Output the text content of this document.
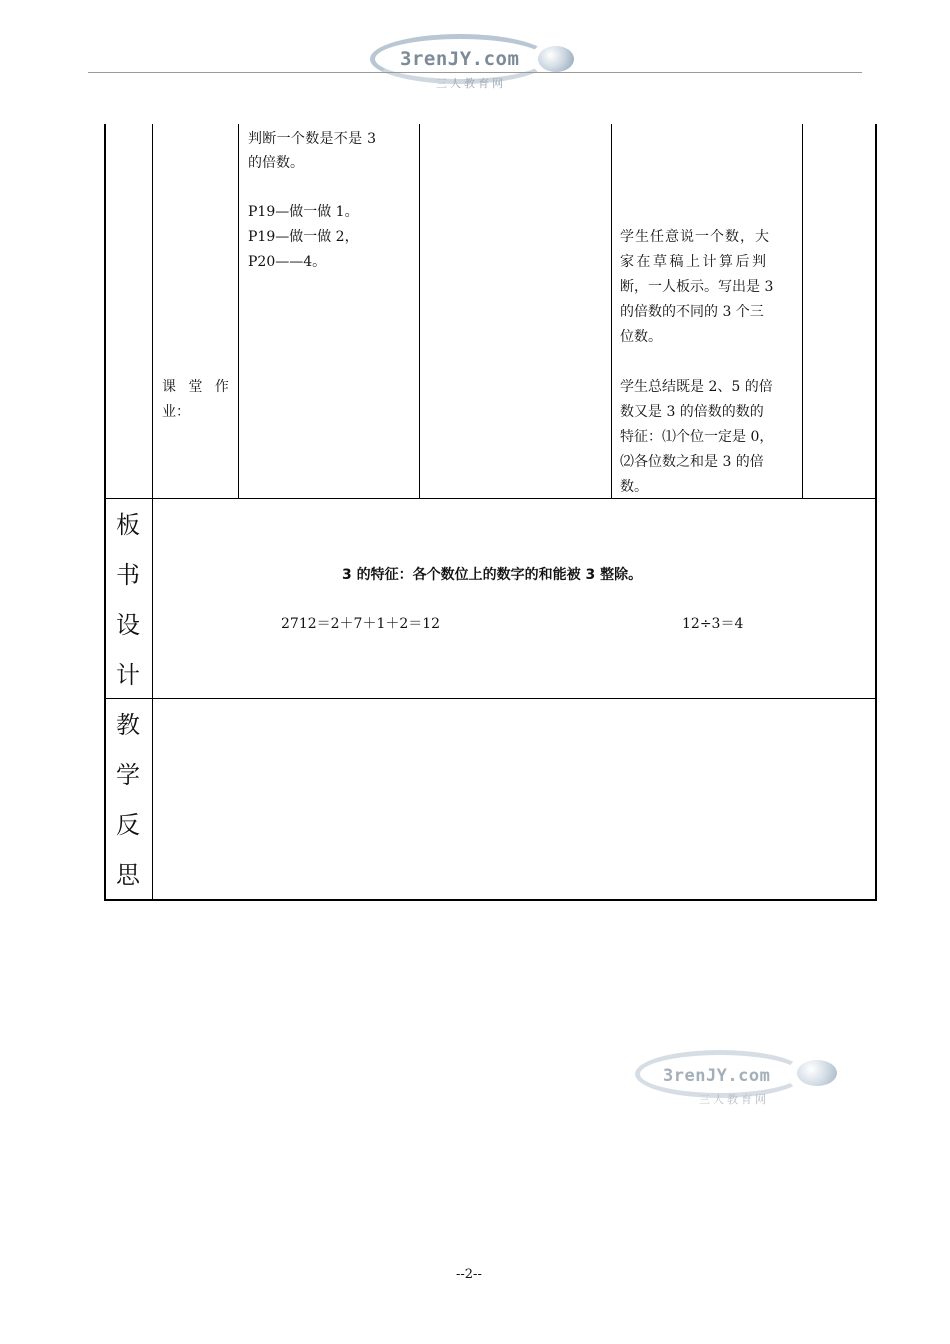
3renJY.com
三人教育网
课 堂 作
业：
判断一个数是不是 3
的倍数。
P19—做一做 1。
P19—做一做 2，
P20——4。
学生任意说一个数，大
家在草稿上计算后判
断，一人板示。写出是 3
的倍数的不同的 3 个三
位数。
学生总结既是 2、5 的倍
数又是 3 的倍数的数的
特征：⑴个位一定是 0，
⑵各位数之和是 3 的倍
数。
板
书
设
计
3 的特征：各个数位上的数字的和能被 3 整除。
2712＝2＋7＋1＋2＝12	12÷3＝4
教
学
反
思
3renJY.com
三人教育网
--2--
